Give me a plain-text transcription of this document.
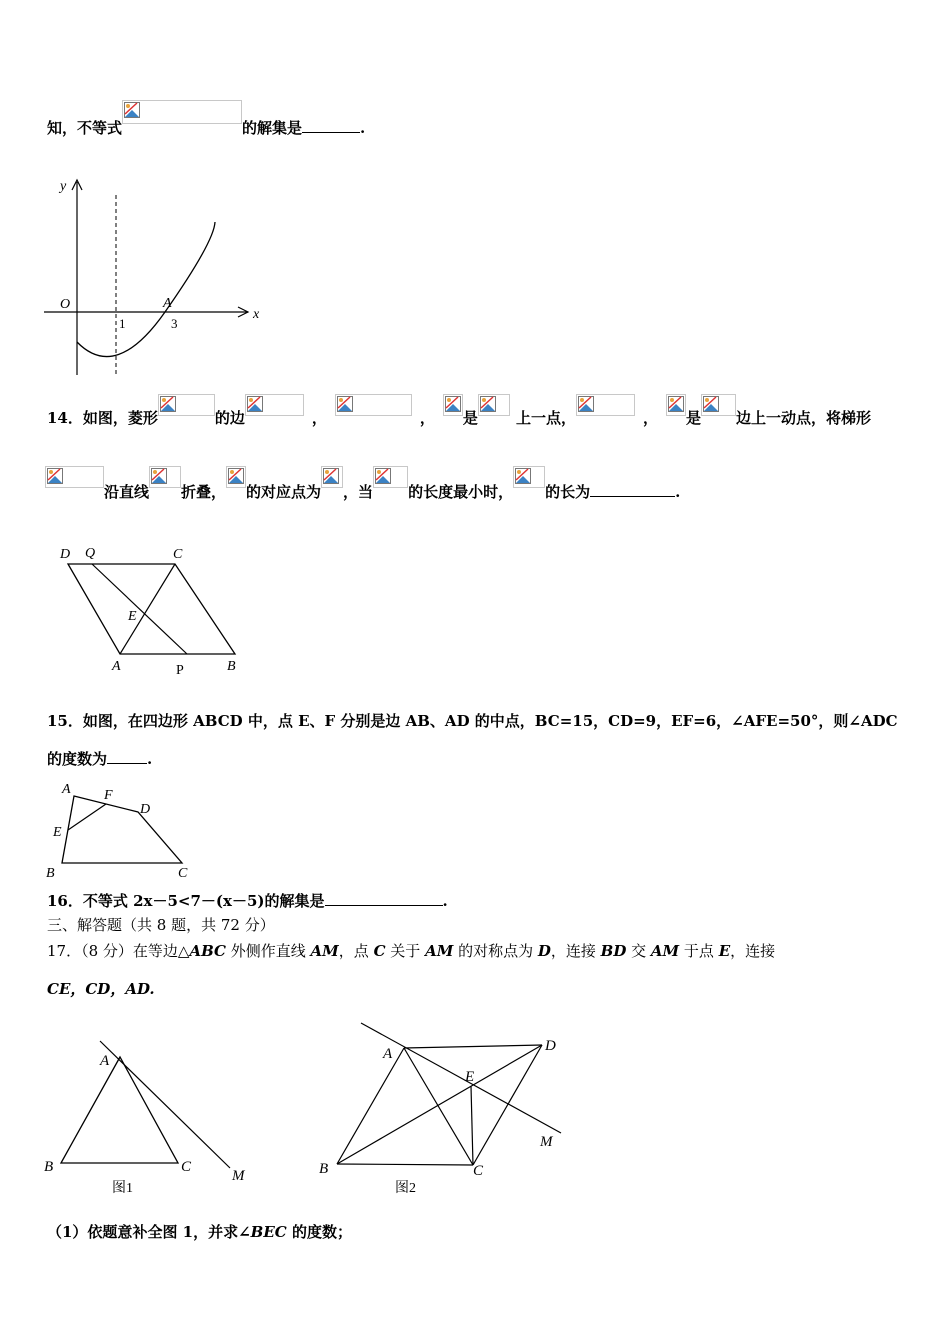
知，不等式	的解集是	.
y
x
O
1	3
A
14．如图，菱形	的边	，	， 是	上一点，	， 是 边上一动点，将梯形
沿直线 折叠， 的对应点为 ，当 的长度最小时， 的长为	.
D Q	C
E
A	P	B
15．如图，在四边形 ABCD 中，点 E、F 分别是边 AB、AD 的中点，BC=15，CD=9，EF=6，∠AFE=50°，则∠ADC
的度数为	.
A F
D
E
B	C
16．不等式 2x－5<7－(x－5)的解集是	.
三、解答题（共 8 题，共 72 分）
17．（8 分）在等边△ABC 外侧作直线 AM，点 C 关于 AM 的对称点为 D，连接 BD 交 AM 于点 E，连接
CE，CD，AD.
A
B	C
M
图1
A	D
E
M
B	C
图2
（1）依题意补全图 1，并求∠BEC 的度数；
